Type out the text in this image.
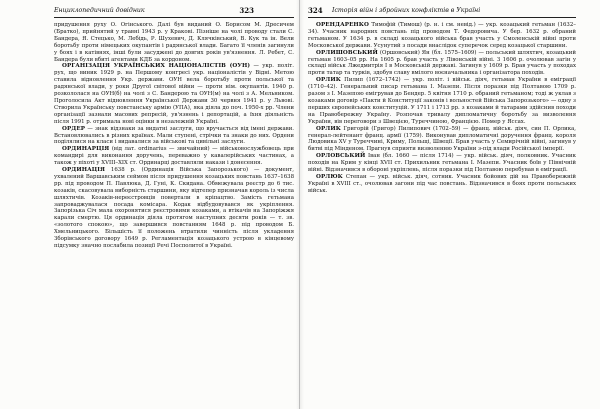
Енциклопедичний довідник	323

придушення руху О. Огінського. Далі був виданий О. Борисом М. Дресичем (Братко), прийнятий у травні 1943 р. у Кракові. Пізніше на чолі проводу стали С. Бандера, Я. Стецько, М. Лебідь, Р. Шухевич, Д. Клячківський, В. Кук та ін. Вели боротьбу проти німецьких окупантів і радянської влади. Багато її членів загинули у боях і в катівнях, інші були засуджені до довгих років ув'язнення. Л. Ребет, С. Бандера були вбиті агентами КДБ за кордоном.

ОРГАНІЗАЦІЯ УКРАЇНСЬКИХ НАЦІОНАЛІСТІВ (ОУН) — укр. політ. рух, що виник 1929 р. на Першому конгресі укр. націоналістів у Відні. Метою ставила відновлення Укр. держави. ОУН вела боротьбу проти польської та радянської влади, у роки Другої світової війни — проти нім. окупантів. 1940 р. розкололася на ОУН(б) на чолі з С. Бандерою та ОУН(м) на чолі з А. Мельником. Проголосила Акт відновлення Української Держави 30 червня 1941 р. у Львові. Створила Українську повстанську армію (УПА), яка діяла до поч. 1950-х рр. Члени організації зазнали масових репресій, ув'язнень і депортацій, а їхня діяльність після 1991 р. отримала нові оцінки в незалежній Україні.

ОРДЕР — знак відзнаки за видатні заслуги, що вручається від імені держави. Встановлювались в різних країнах. Мали ступені, стрічки та знаки до них. Ордени поділялися на класи і видавалися за військові та цивільні заслуги.

ОРДИНАРЦІЯ (від лат. ordinarius — звичайний) — військовослужбовець при командирі для виконання доручень, переважно у кавалерійських частинах, а також у піхоті у XVIII–XIX ст. Ординарці доставляли накази і донесення.

ОРДИНАЦІЯ 1638 р. (Ординація Війська Запорозького) — документ, ухвалений Варшавським сеймом після придушення козацьких повстань 1637–1638 рр. під проводом П. Павлюка, Д. Гуні, К. Скидана. Обмежувала реєстр до 6 тис. козаків, скасовувала виборність старшини, яку відтепер призначав король із числа шляхтичів. Козаків-нереєстровців повертали в кріпацтво. Замість гетьмана запроваджувалася посада комісара. Кодак відбудовувався як укріплення. Запорізька Січ мала охоронятися реєстровими козаками, а втікачів на Запоріжжя карали смертю. Ця ординація діяла протягом наступних десяти років — т. зв. «золотого спокою», що завершився повстанням 1648 р. під проводом Б. Хмельницького. Більшість її положень втратили чинність після укладення Зборівського договору 1649 р. Регламентація козацького устрою в кінцевому підсумку значно послабила позиції Речі Посполитої в Україні.

324 Історія війн і збройних конфліктів в Україні

ОРЕНДАРЕНКО Тимофій (Тимош) (р. н. і см. невід.) — укр. козацький гетьман (1632–34). Учасник народних повстань під проводом Т. Федоровича. У бер. 1632 р. обраний гетьманом. У 1634 р. в складі козацького війська брав участь у Смоленській війні проти Московської держави. Усунутий з посади внаслідок суперечок серед козацької старшини.

ОРЛИШОВСЬКИЙ (Оршовський) Ян (бл. 1575–1609) — польський шляхтич, козацький гетьман 1603–05 рр. На 1605 р. брав участь у Лівонській війні. З 1606 р. очолював загін у складі військ Лжедмитрія І в Московській державі. Загинув у 1609 р. Брав участь у походах проти татар та турків, здобув славу вмілого воєначальника і організатора походів.

ОРЛИК Пилип (1672–1742) — укр. політ. і військ. діяч, гетьман України в еміграції (1710–42). Генеральний писар гетьмана І. Мазепи. Після поразки під Полтавою 1709 р. разом з І. Мазепою емігрував до Бендер. 5 квітня 1710 р. обраний гетьманом; тоді ж уклав з козаками договір «Пакти й Конституції законів і вольностей Війська Запорозького» — одну з перших європейських конституцій. У 1711 і 1713 рр. з козаками й татарами здійснив походи на Правобережну Україну. Розпочав тривалу дипломатичну боротьбу за визволення України, вів переговори з Швецією, Туреччиною, Францією. Помер у Яссах.

ОРЛИК Григорій (Григор) Пилипович (1702–59) — франц. військ. діяч, син П. Орлика, генерал-лейтенант франц. армії (1759). Виконував дипломатичні доручення франц. короля Людовика XV у Туреччині, Криму, Польщі, Швеції. Брав участь у Семирічній війні, загинув у битві під Мінденом. Прагнув сприяти визволенню України з-під влади Російської імперії.

ОРЛОВСЬКИЙ Іван (бл. 1660 — після 1714) — укр. військ. діяч, полковник. Учасник походів на Крим у кінці XVII ст. Прихильник гетьмана І. Мазепи. Учасник боїв у Північній війні. Відзначився в обороні укріплень, після поразки під Полтавою перебував в еміграції.

ОРЛЮК Степан — укр. військ. діяч, сотник. Учасник бойових дій на Правобережній Україні в XVIII ст., очолював загони під час повстань. Відзначився в боях проти польських військ.
